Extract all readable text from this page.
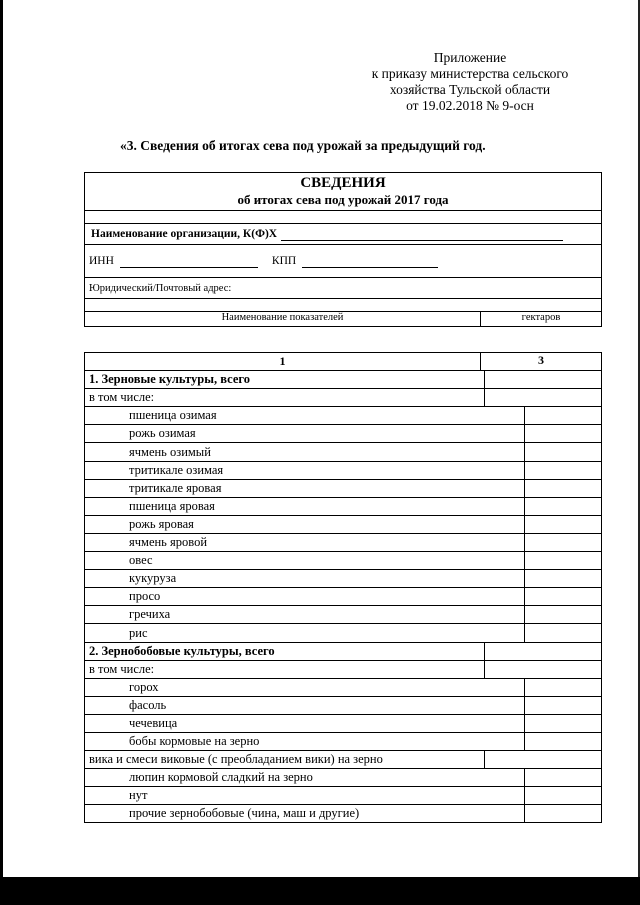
Приложение
к приказу министерства сельского
хозяйства Тульской области
от 19.02.2018 № 9-осн
«3. Сведения об итогах сева под урожай за предыдущий год.
СВЕДЕНИЯ
об итогах сева под урожай 2017 года
Наименование организации, К(Ф)Х
ИНН	КПП
Юридический/Почтовый адрес:
Наименование показателей	гектаров
1	3
1. Зерновые культуры, всего
в том числе:
пшеница озимая
рожь озимая
ячмень озимый
тритикале озимая
тритикале яровая
пшеница яровая
рожь яровая
ячмень яровой
овес
кукуруза
просо
гречиха
рис
2. Зернобобовые культуры, всего
в том числе:
горох
фасоль
чечевица
бобы кормовые на зерно
вика и смеси виковые (с преобладанием вики) на зерно
люпин кормовой сладкий на зерно
нут
прочие зернобобовые (чина, маш и другие)
